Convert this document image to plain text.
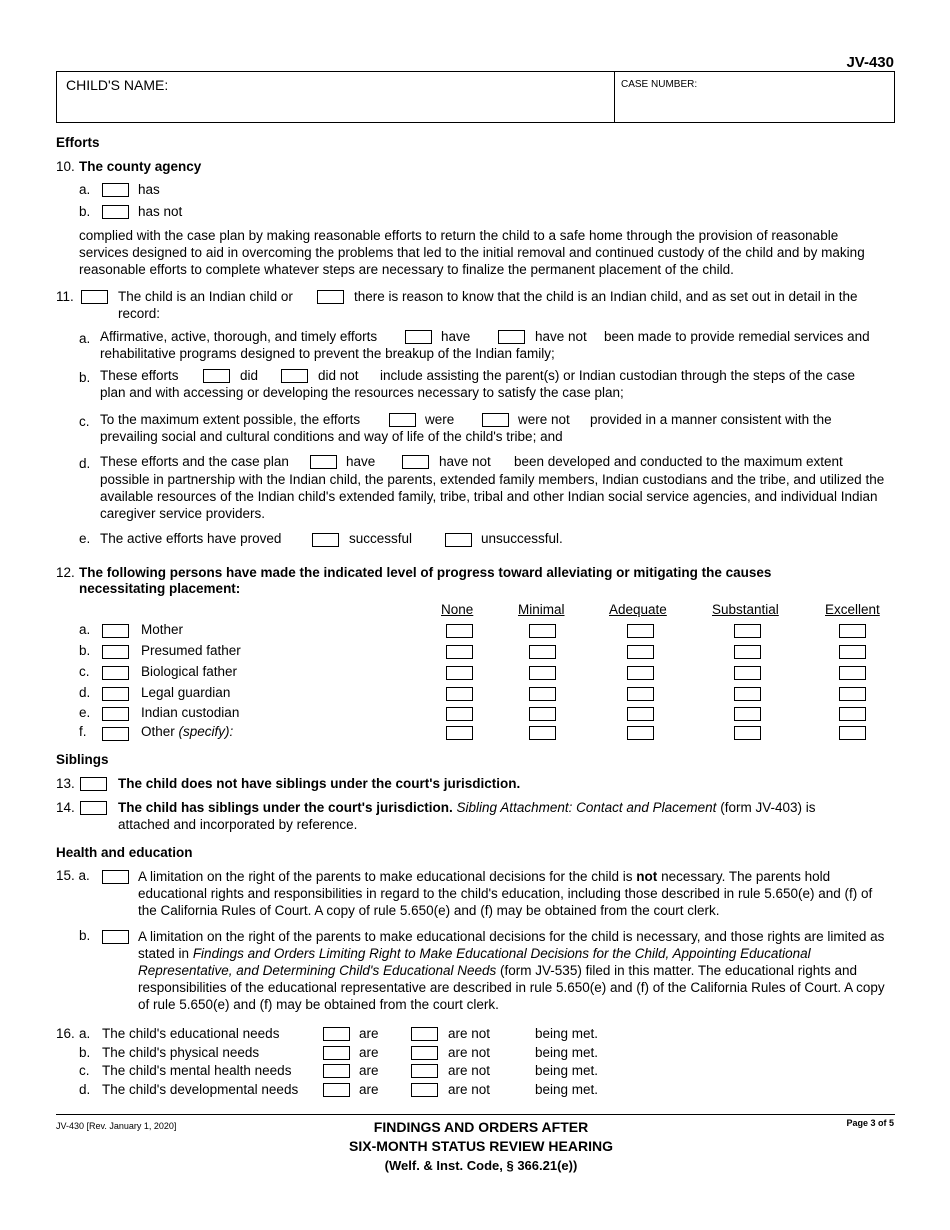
JV-430
CHILD'S NAME:	CASE NUMBER:
Efforts
10. The county agency
a.	has
b.	has not
complied with the case plan by making reasonable efforts to return the child to a safe home through the provision of reasonable services designed to aid in overcoming the problems that led to the initial removal and continued custody of the child and by making reasonable efforts to complete whatever steps are necessary to finalize the permanent placement of the child.
11.	The child is an Indian child or	there is reason to know that the child is an Indian child, and as set out in detail in the
record:
a. Affirmative, active, thorough, and timely efforts	have	have not been made to provide remedial services and
rehabilitative programs designed to prevent the breakup of the Indian family;
b. These efforts	did	did not include assisting the parent(s) or Indian custodian through the steps of the case
plan and with accessing or developing the resources necessary to satisfy the case plan;
c. To the maximum extent possible, the efforts	were	were not provided in a manner consistent with the
prevailing social and cultural conditions and way of life of the child's tribe; and
d. These efforts and the case plan	have	have not been developed and conducted to the maximum extent
possible in partnership with the Indian child, the parents, extended family members, Indian custodians and the tribe, and utilized the available resources of the Indian child's extended family, tribe, tribal and other Indian social service agencies, and individual Indian caregiver service providers.
e. The active efforts have proved	successful	unsuccessful.
12. The following persons have made the indicated level of progress toward alleviating or mitigating the causes
necessitating placement:
None	Minimal	Adequate	Substantial	Excellent
a.	Mother
b.	Presumed father
c.	Biological father
d.	Legal guardian
e.	Indian custodian
f.	Other (specify):
Siblings
13.	The child does not have siblings under the court's jurisdiction.
14.	The child has siblings under the court's jurisdiction. Sibling Attachment: Contact and Placement (form JV-403) is
attached and incorporated by reference.
Health and education
15. a.	A limitation on the right of the parents to make educational decisions for the child is not necessary. The parents hold educational rights and responsibilities in regard to the child's education, including those described in rule 5.650(e) and (f) of the California Rules of Court. A copy of rule 5.650(e) and (f) may be obtained from the court clerk.
b.	A limitation on the right of the parents to make educational decisions for the child is necessary, and those rights are limited as stated in Findings and Orders Limiting Right to Make Educational Decisions for the Child, Appointing Educational Representative, and Determining Child's Educational Needs (form JV-535) filed in this matter. The educational rights and responsibilities of the educational representative are described in rule 5.650(e) and (f) of the California Rules of Court. A copy of rule 5.650(e) and (f) may be obtained from the court clerk.
16. a. The child's educational needs	are	are not	being met.
b. The child's physical needs	are	are not	being met.
c. The child's mental health needs	are	are not	being met.
d. The child's developmental needs	are	are not	being met.
JV-430 [Rev. January 1, 2020]	Page 3 of 5
FINDINGS AND ORDERS AFTER
SIX-MONTH STATUS REVIEW HEARING
(Welf. & Inst. Code, § 366.21(e))
